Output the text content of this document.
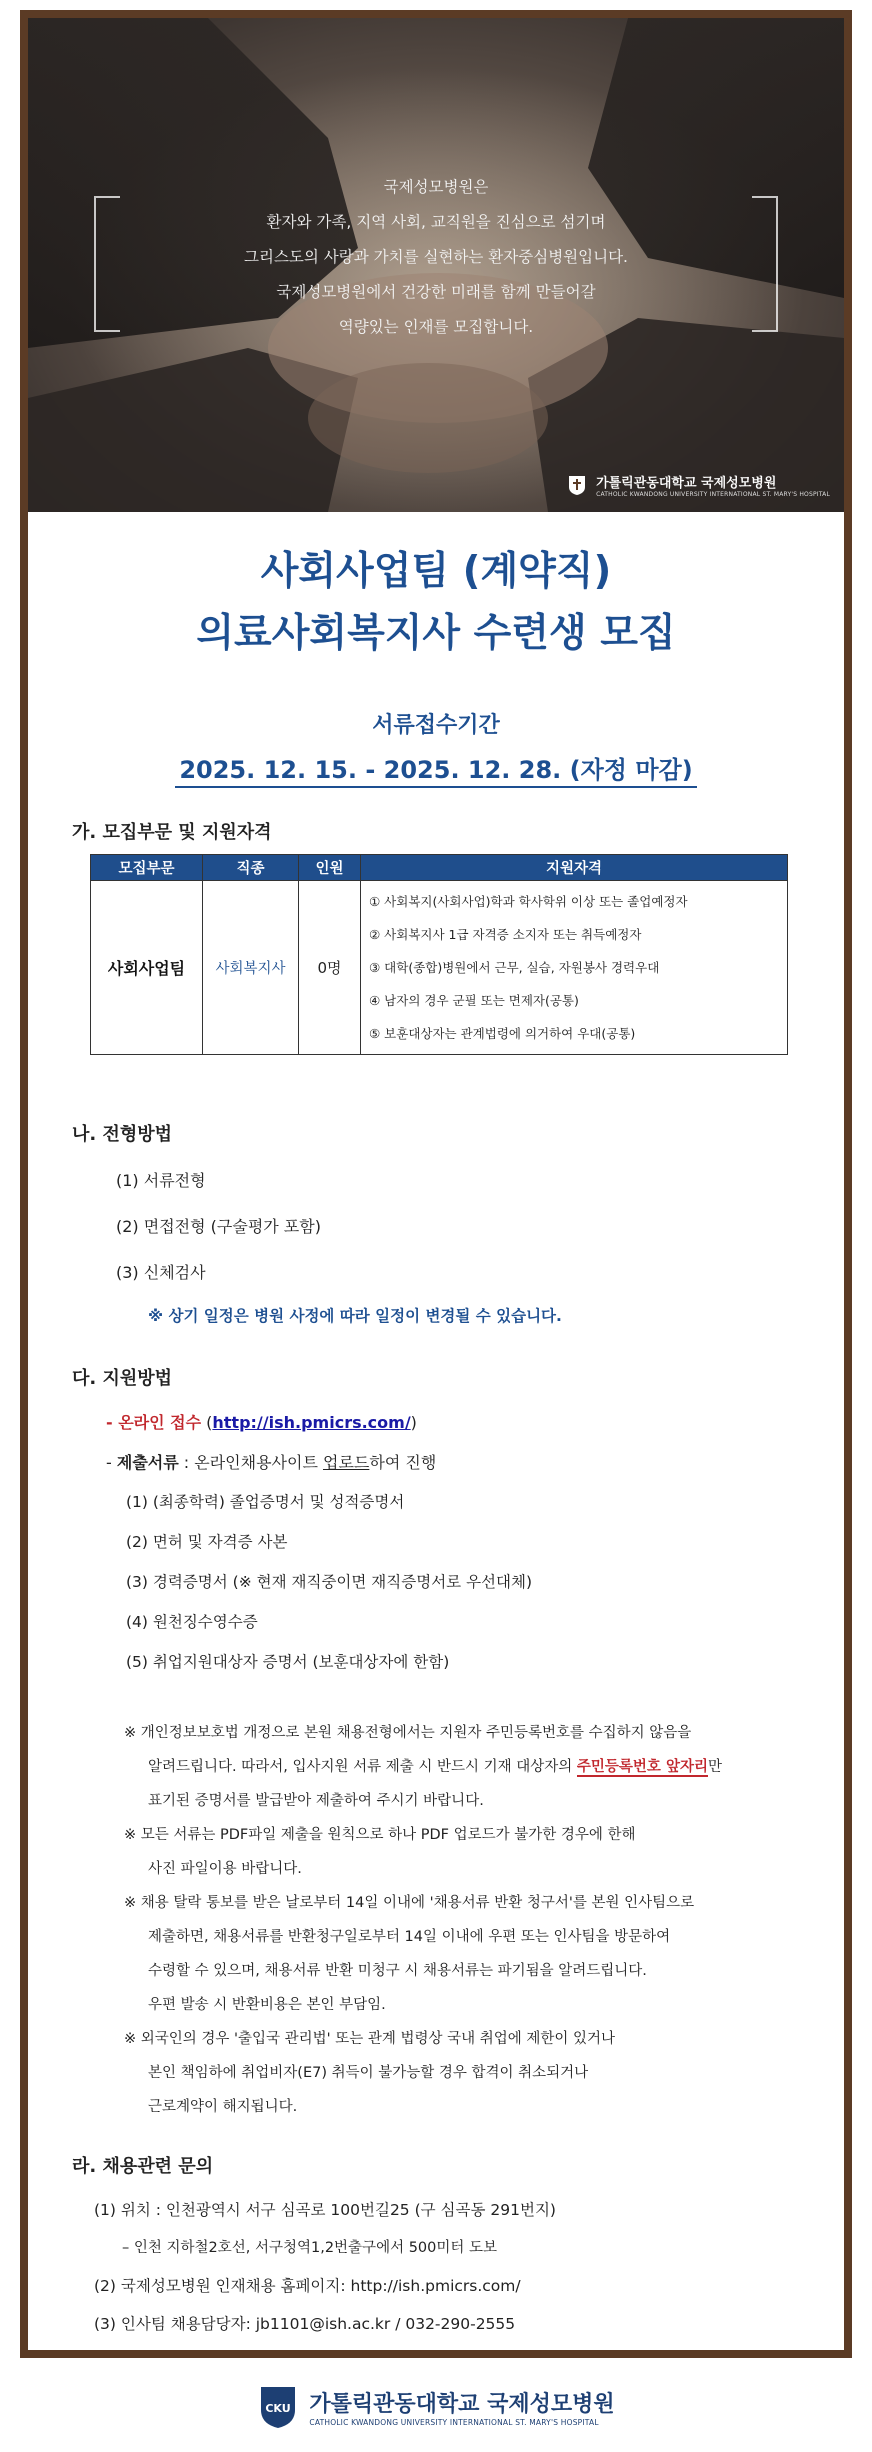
국제성모병원은
환자와 가족, 지역 사회, 교직원을 진심으로 섬기며
그리스도의 사랑과 가치를 실현하는 환자중심병원입니다.
국제성모병원에서 건강한 미래를 함께 만들어갈
역량있는 인재를 모집합니다.
가톨릭관동대학교 국제성모병원
CATHOLIC KWANDONG UNIVERSITY INTERNATIONAL ST. MARY'S HOSPITAL
사회사업팀 (계약직)
의료사회복지사 수련생 모집
서류접수기간
2025. 12. 15. - 2025. 12. 28. (자정 마감)
가. 모집부문 및 지원자격
모집부문	직종	인원	지원자격
사회사업팀	사회복지사	0명	① 사회복지(사회사업)학과 학사학위 이상 또는 졸업예정자
② 사회복지사 1급 자격증 소지자 또는 취득예정자
③ 대학(종합)병원에서 근무, 실습, 자원봉사 경력우대
④ 남자의 경우 군필 또는 면제자(공통)
⑤ 보훈대상자는 관계법령에 의거하여 우대(공통)
나. 전형방법
(1) 서류전형
(2) 면접전형 (구술평가 포함)
(3) 신체검사
※ 상기 일정은 병원 사정에 따라 일정이 변경될 수 있습니다.
다. 지원방법
- 온라인 접수 (http://ish.pmicrs.com/)
- 제출서류 : 온라인채용사이트 업로드하여 진행
(1) (최종학력) 졸업증명서 및 성적증명서
(2) 면허 및 자격증 사본
(3) 경력증명서 (※ 현재 재직중이면 재직증명서로 우선대체)
(4) 원천징수영수증
(5) 취업지원대상자 증명서 (보훈대상자에 한함)
※ 개인정보보호법 개정으로 본원 채용전형에서는 지원자 주민등록번호를 수집하지 않음을
알려드립니다. 따라서, 입사지원 서류 제출 시 반드시 기재 대상자의 주민등록번호 앞자리만
표기된 증명서를 발급받아 제출하여 주시기 바랍니다.
※ 모든 서류는 PDF파일 제출을 원칙으로 하나 PDF 업로드가 불가한 경우에 한해
사진 파일이용 바랍니다.
※ 채용 탈락 통보를 받은 날로부터 14일 이내에 '채용서류 반환 청구서'를 본원 인사팀으로
제출하면, 채용서류를 반환청구일로부터 14일 이내에 우편 또는 인사팀을 방문하여
수령할 수 있으며, 채용서류 반환 미청구 시 채용서류는 파기됨을 알려드립니다.
우편 발송 시 반환비용은 본인 부담임.
※ 외국인의 경우 '출입국 관리법' 또는 관계 법령상 국내 취업에 제한이 있거나
본인 책임하에 취업비자(E7) 취득이 불가능할 경우 합격이 취소되거나
근로계약이 해지됩니다.
라. 채용관련 문의
(1) 위치 : 인천광역시 서구 심곡로 100번길25 (구 심곡동 291번지)
– 인천 지하철2호선, 서구청역1,2번출구에서 500미터 도보
(2) 국제성모병원 인재채용 홈페이지: http://ish.pmicrs.com/
(3) 인사팀 채용담당자: jb1101@ish.ac.kr / 032-290-2555
CKU 가톨릭관동대학교 국제성모병원
CATHOLIC KWANDONG UNIVERSITY INTERNATIONAL ST. MARY'S HOSPITAL
